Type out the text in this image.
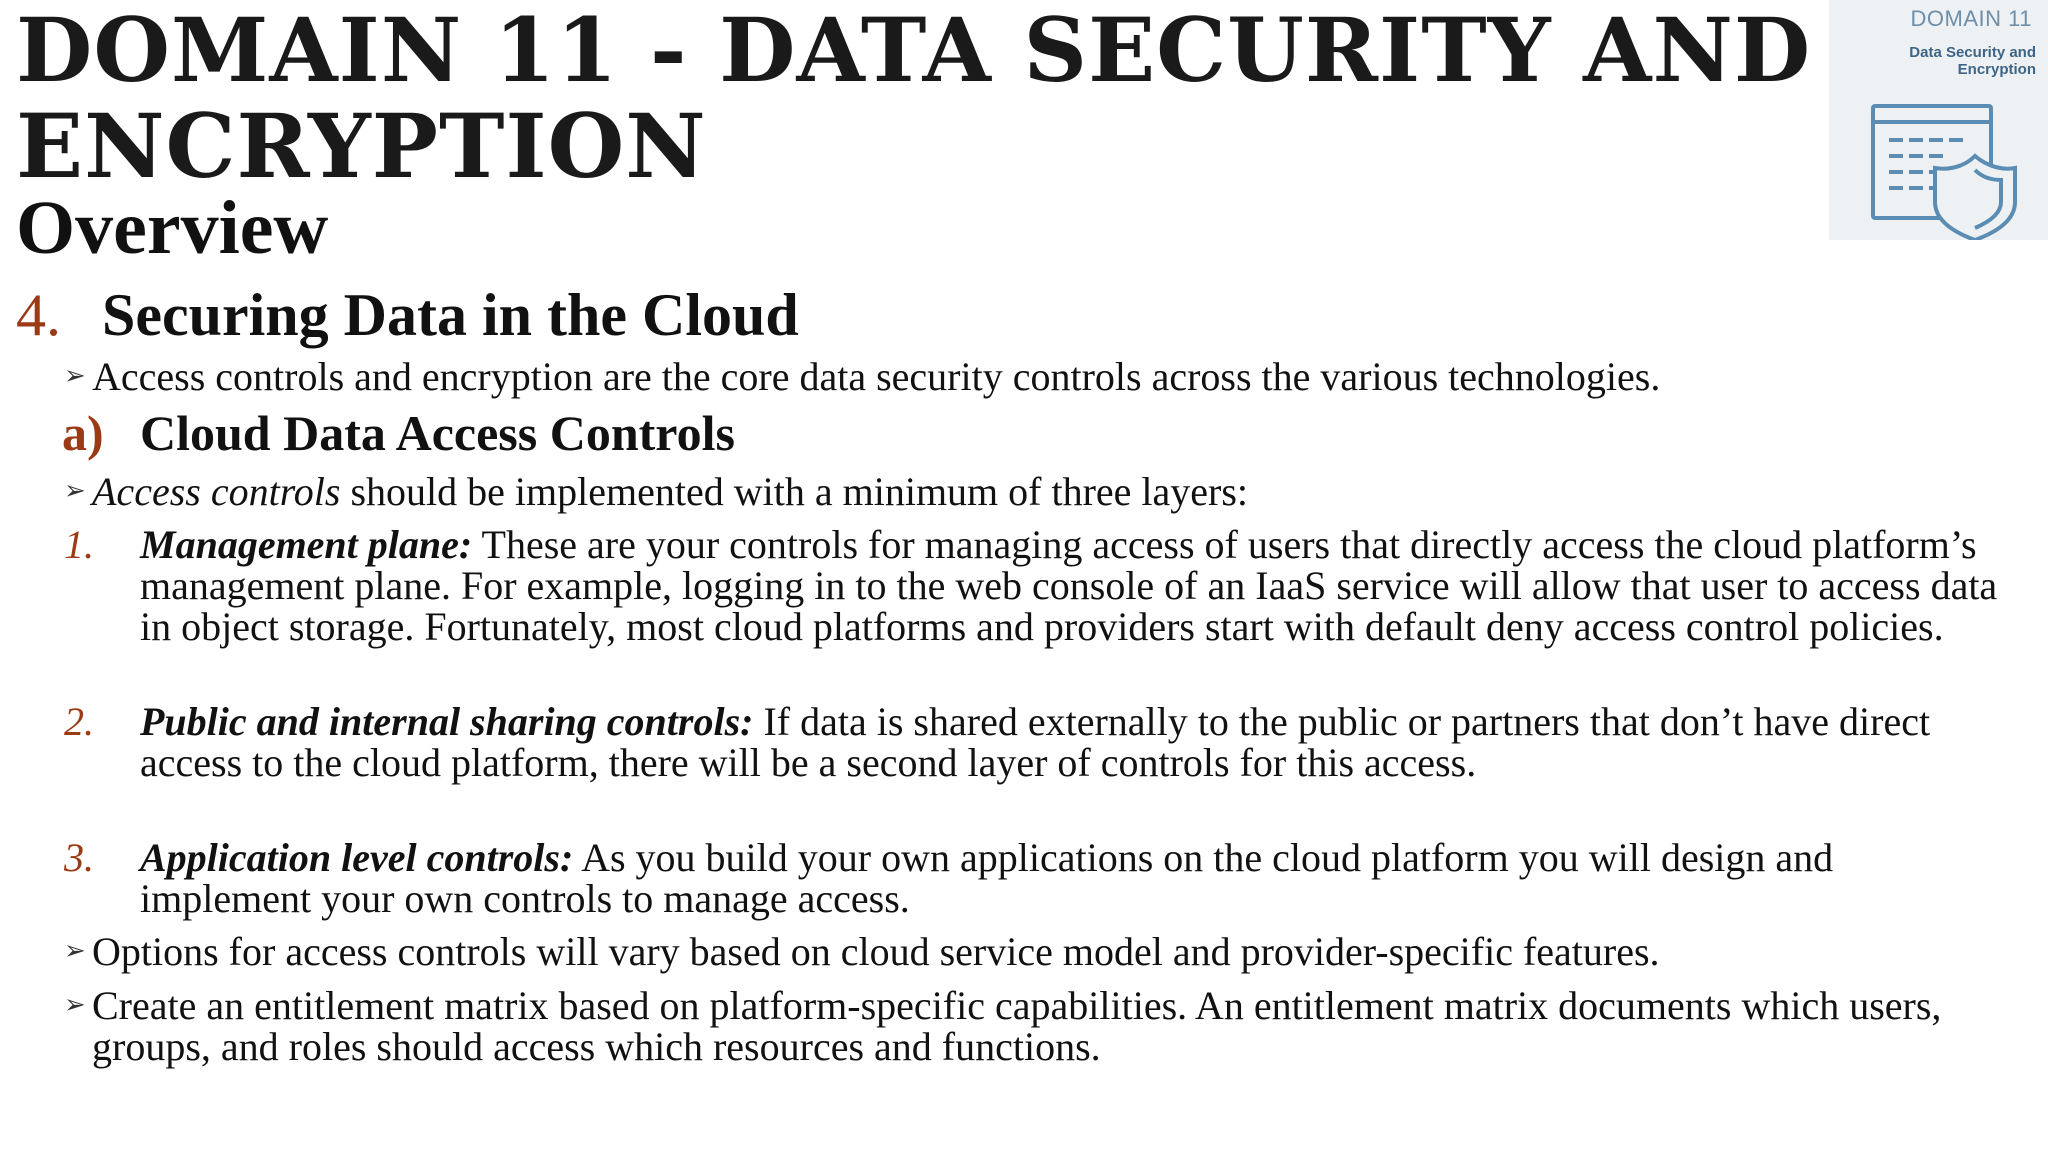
DOMAIN 11 - DATA SECURITY AND ENCRYPTION
Overview
DOMAIN 11
Data Security and Encryption
4. Securing Data in the Cloud
➢ Access controls and encryption are the core data security controls across the various technologies.
a) Cloud Data Access Controls
➢ Access controls should be implemented with a minimum of three layers:
1. Management plane: These are your controls for managing access of users that directly access the cloud platform’s management plane. For example, logging in to the web console of an IaaS service will allow that user to access data in object storage. Fortunately, most cloud platforms and providers start with default deny access control policies.
2. Public and internal sharing controls: If data is shared externally to the public or partners that don’t have direct access to the cloud platform, there will be a second layer of controls for this access.
3. Application level controls: As you build your own applications on the cloud platform you will design and implement your own controls to manage access.
➢ Options for access controls will vary based on cloud service model and provider-specific features.
➢ Create an entitlement matrix based on platform-specific capabilities. An entitlement matrix documents which users, groups, and roles should access which resources and functions.
